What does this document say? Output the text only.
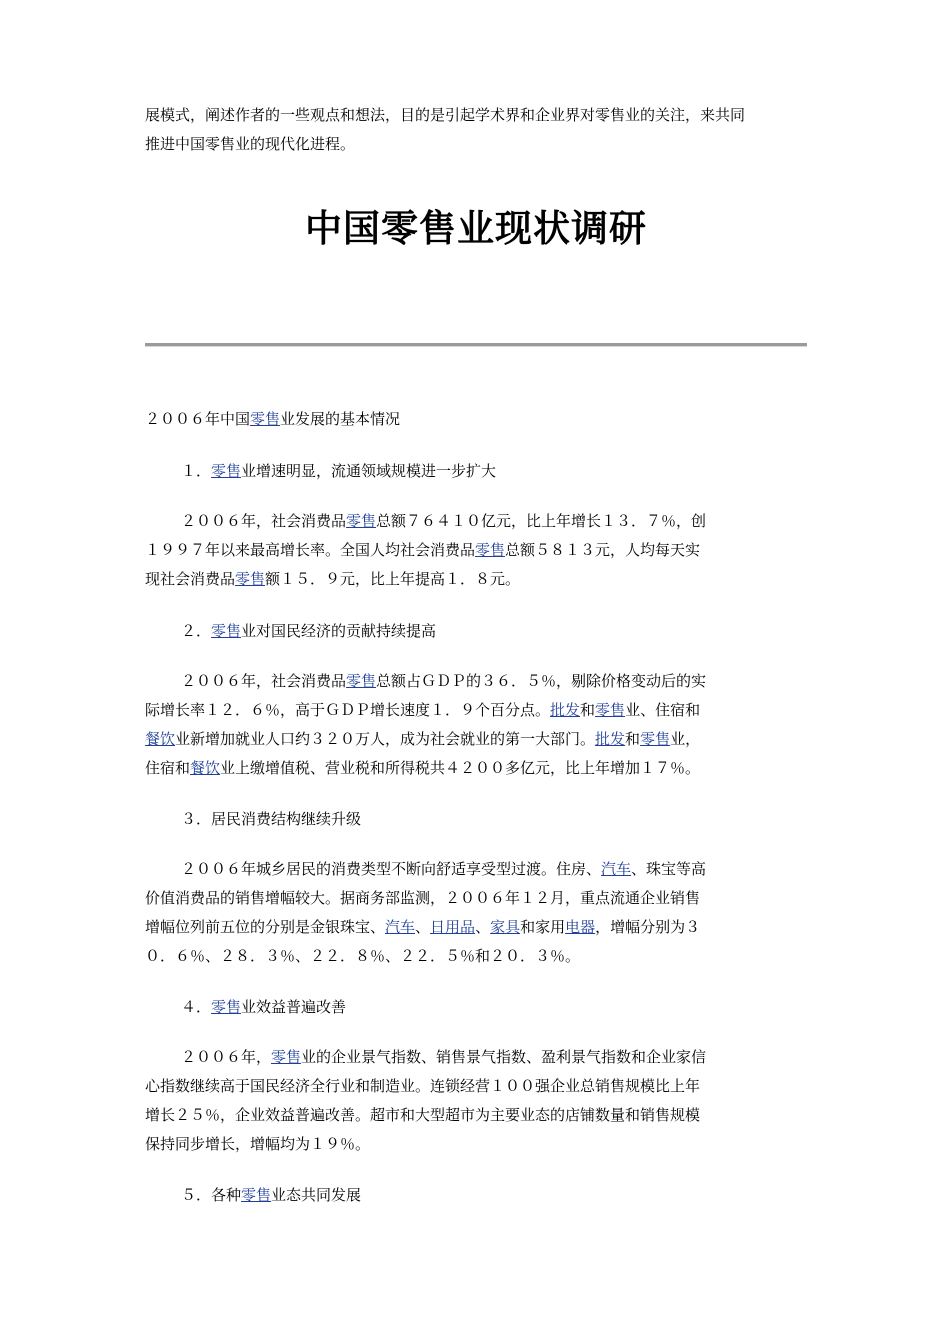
展模式，阐述作者的一些观点和想法，目的是引起学术界和企业界对零售业的关注，来共同

推进中国零售业的现代化进程。

中国零售业现状调研

２００６年中国零售业发展的基本情况

１．零售业增速明显，流通领域规模进一步扩大

２００６年，社会消费品零售总额７６４１０亿元，比上年增长１３．７％，创

１９９７年以来最高增长率。全国人均社会消费品零售总额５８１３元，人均每天实

现社会消费品零售额１５．９元，比上年提高１．８元。

２．零售业对国民经济的贡献持续提高

２００６年，社会消费品零售总额占ＧＤＰ的３６．５％，剔除价格变动后的实

际增长率１２．６％，高于ＧＤＰ增长速度１．９个百分点。批发和零售业、住宿和

餐饮业新增加就业人口约３２０万人，成为社会就业的第一大部门。批发和零售业，

住宿和餐饮业上缴增值税、营业税和所得税共４２００多亿元，比上年增加１７％。

３．居民消费结构继续升级

２００６年城乡居民的消费类型不断向舒适享受型过渡。住房、汽车、珠宝等高

价值消费品的销售增幅较大。据商务部监测，２００６年１２月，重点流通企业销售

增幅位列前五位的分别是金银珠宝、汽车、日用品、家具和家用电器，增幅分别为３

０．６％、２８．３％、２２．８％、２２．５％和２０．３％。

４．零售业效益普遍改善

２００６年，零售业的企业景气指数、销售景气指数、盈利景气指数和企业家信

心指数继续高于国民经济全行业和制造业。连锁经营１００强企业总销售规模比上年

增长２５％，企业效益普遍改善。超市和大型超市为主要业态的店铺数量和销售规模

保持同步增长，增幅均为１９％。

５．各种零售业态共同发展
